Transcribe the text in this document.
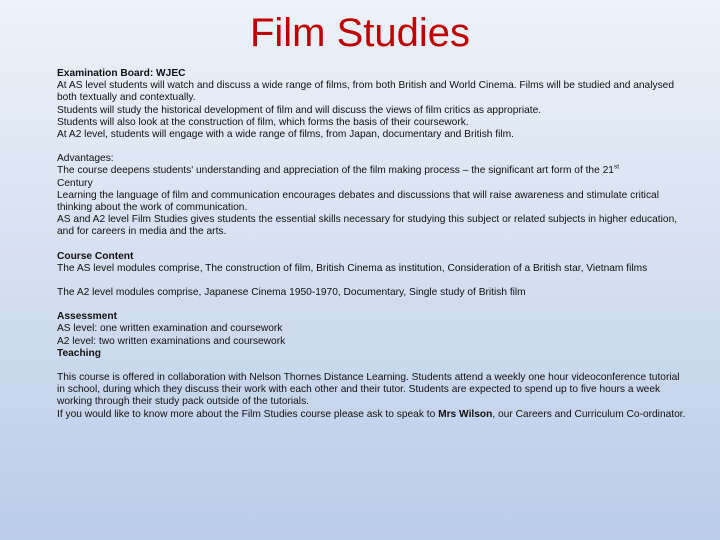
Film Studies

Examination Board: WJEC

At AS level students will watch and discuss a wide range of films, from both British and World Cinema. Films will be studied and analysed both textually and contextually.

Students will study the historical development of film and will discuss the views of film critics as appropriate.

Students will also look at the construction of film, which forms the basis of their coursework.

At A2 level, students will engage with a wide range of films, from Japan, documentary and British film.

Advantages:

The course deepens students' understanding and appreciation of the film making process – the significant art form of the 21st
Century

Learning the language of film and communication encourages debates and discussions that will raise awareness and stimulate critical thinking about the work of communication.

AS and A2 level Film Studies gives students the essential skills necessary for studying this subject or related subjects in higher education, and for careers in media and the arts.

Course Content

The AS level modules comprise, The construction of film, British Cinema as institution, Consideration of a British star, Vietnam films

The A2 level modules comprise, Japanese Cinema 1950-1970, Documentary, Single study of British film

Assessment

AS level: one written examination and coursework

A2 level: two written examinations and coursework

Teaching

This course is offered in collaboration with Nelson Thornes Distance Learning. Students attend a weekly one hour videoconference tutorial in school, during which they discuss their work with each other and their tutor. Students are expected to spend up to five hours a week working through their study pack outside of the tutorials.

If you would like to know more about the Film Studies course please ask to speak to Mrs Wilson, our Careers and Curriculum Co-ordinator.
